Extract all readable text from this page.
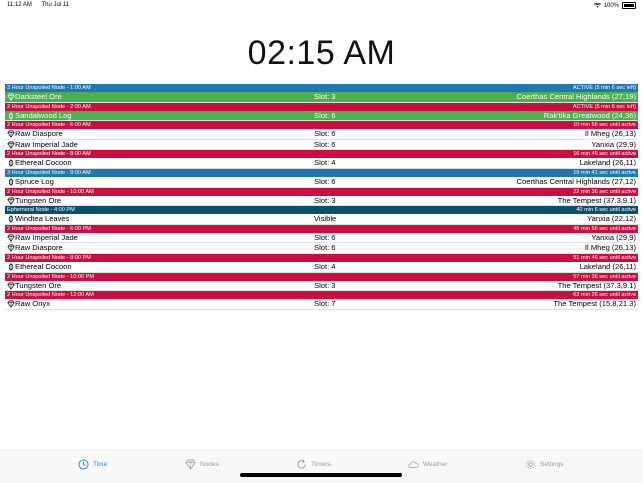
11:12 AM Thu Jul 11	100%
02:15 AM
3 Hour Unspoiled Node - 1:00 AM	ACTIVE (5 min 6 sec left)
Darksteel Ore	Slot: 3	Coerthas Central Highlands (27,19)
2 Hour Unspoiled Node - 2:00 AM	ACTIVE (5 min 6 sec left)
Sandalwood Log	Slot: 6	Rak'tika Greatwood (24,36)
2 Hour Unspoiled Node - 6:00 AM	10 min 56 sec until active
Raw Diaspore	Slot: 6	Il Mheg (26,13)
Raw Imperial Jade	Slot: 6	Yanxia (29,9)
2 Hour Unspoiled Node - 8:00 AM	16 min 46 sec until active
Ethereal Cocoon	Slot: 4	Lakeland (26,11)
3 Hour Unspoiled Node - 9:00 AM	19 min 41 sec until active
Spruce Log	Slot: 6	Coerthas Central Highlands (27,12)
2 Hour Unspoiled Node - 10:00 AM	22 min 36 sec until active
Tungsten Ore	Slot: 3	The Tempest (37.3,9.1)
Ephemeral Node - 4:00 PM	40 min 6 sec until active
Windtea Leaves	Visible	Yanxia (22,12)
2 Hour Unspoiled Node - 6:00 PM	45 min 56 sec until active
Raw Imperial Jade	Slot: 6	Yanxia (29,9)
Raw Diaspore	Slot: 6	Il Mheg (26,13)
2 Hour Unspoiled Node - 8:00 PM	51 min 46 sec until active
Ethereal Cocoon	Slot: 4	Lakeland (26,11)
2 Hour Unspoiled Node - 10:00 PM	57 min 36 sec until active
Tungsten Ore	Slot: 3	The Tempest (37.3,9.1)
2 Hour Unspoiled Node - 12:00 AM	63 min 26 sec until active
Raw Onyx	Slot: 7	The Tempest (15.8,21.3)
Time	Nodes	Timers	Weather	Settings
